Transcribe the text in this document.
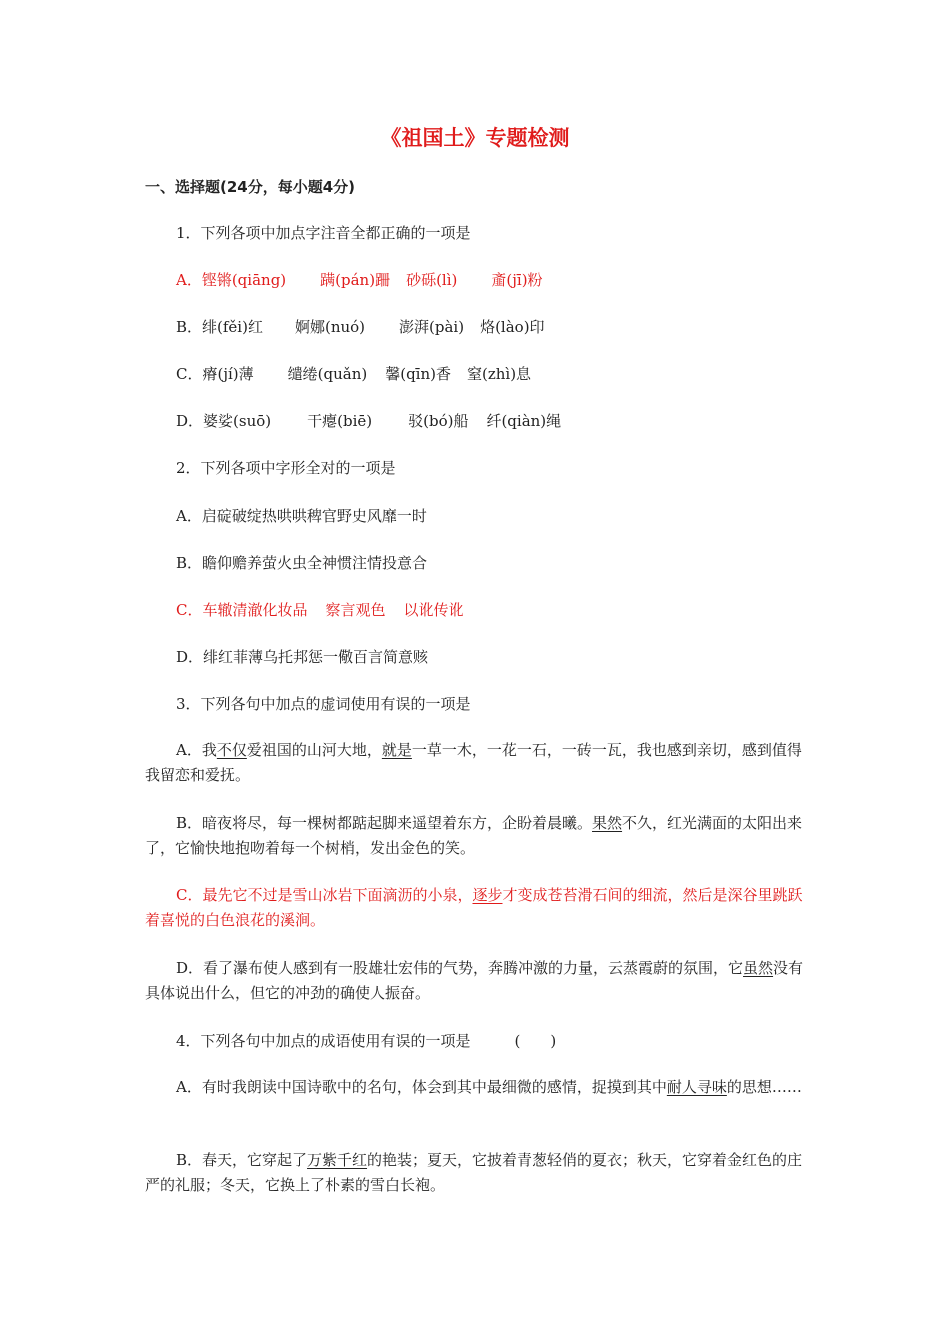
《祖国土》专题检测
一、选择题(24分，每小题4分)
1．下列各项中加点字注音全都正确的一项是
A．铿锵(qiāng) 蹒(pán)跚 砂砾(lì) 齑(jī)粉
B．绯(fěi)红 婀娜(nuó) 澎湃(pài) 烙(lào)印
C．瘠(jí)薄 缱绻(quǎn) 馨(qīn)香 窒(zhì)息
D．婆娑(suō) 干瘪(biē) 驳(bó)船 纤(qiàn)绳
2．下列各项中字形全对的一项是
A．启碇破绽热哄哄稗官野史风靡一时
B．瞻仰赡养萤火虫全神惯注情投意合
C．车辙清澈化妆品 察言观色 以讹传讹
D．绯红菲薄乌托邦惩一儆百言简意赅
3．下列各句中加点的虚词使用有误的一项是
A．我不仅爱祖国的山河大地，就是一草一木，一花一石，一砖一瓦，我也感到亲切，感到值得我留恋和爱抚。
B．暗夜将尽，每一棵树都踮起脚来遥望着东方，企盼着晨曦。果然不久，红光满面的太阳出来了，它愉快地抱吻着每一个树梢，发出金色的笑。
C．最先它不过是雪山冰岩下面滴沥的小泉，逐步才变成苍苔滑石间的细流，然后是深谷里跳跃着喜悦的白色浪花的溪涧。
D．看了瀑布使人感到有一股雄壮宏伟的气势，奔腾冲激的力量，云蒸霞蔚的氛围，它虽然没有具体说出什么，但它的冲劲的确使人振奋。
4．下列各句中加点的成语使用有误的一项是	(　　)
A．有时我朗读中国诗歌中的名句，体会到其中最细微的感情，捉摸到其中耐人寻味的思想……
B．春天，它穿起了万紫千红的艳装；夏天，它披着青葱轻俏的夏衣；秋天，它穿着金红色的庄严的礼服；冬天，它换上了朴素的雪白长袍。
